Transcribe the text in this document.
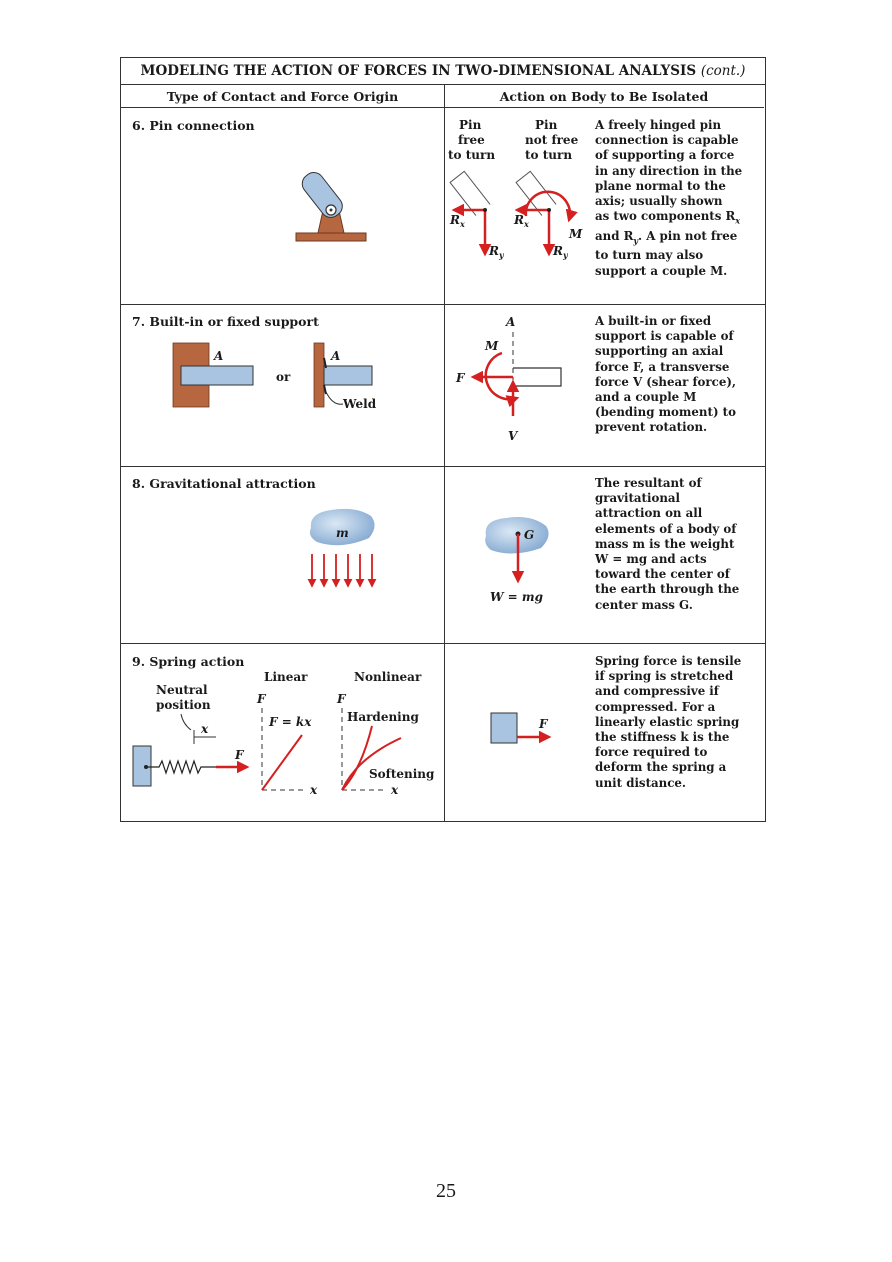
MODELING THE ACTION OF FORCES IN TWO-DIMENSIONAL ANALYSIS (cont.)
Type of Contact and Force Origin	Action on Body to Be Isolated
6. Pin connection
7. Built-in or fixed support
8. Gravitational attraction
9. Spring action
A freely hinged pin
connection is capable
of supporting a force
in any direction in the
plane normal to the
axis; usually shown
as two components $R_x$
and $R_y$. A pin not free
to turn may also
support a couple M.
A built-in or fixed
support is capable of
supporting an axial
force F, a transverse
force V (shear force),
and a couple M
(bending moment) to
prevent rotation.
The resultant of
gravitational
attraction on all
elements of a body of
mass m is the weight
W = mg and acts
toward the center of
the earth through the
center mass G.
Spring force is tensile
if spring is stretched
and compressive if
compressed. For a
linearly elastic spring
the stiffness k is the
force required to
deform the spring a
unit distance.
Pin
free
to turn
$R_x$
$R_y$
Pin
not free
to turn
$R_x$
$R_y$
M
A
or
A
Weld
A
M
F
V
m	G
W = mg
Neutral
position
x
F
Linear
F
x
F = kx
Nonlinear
F
x
Hardening
Softening
F
25
